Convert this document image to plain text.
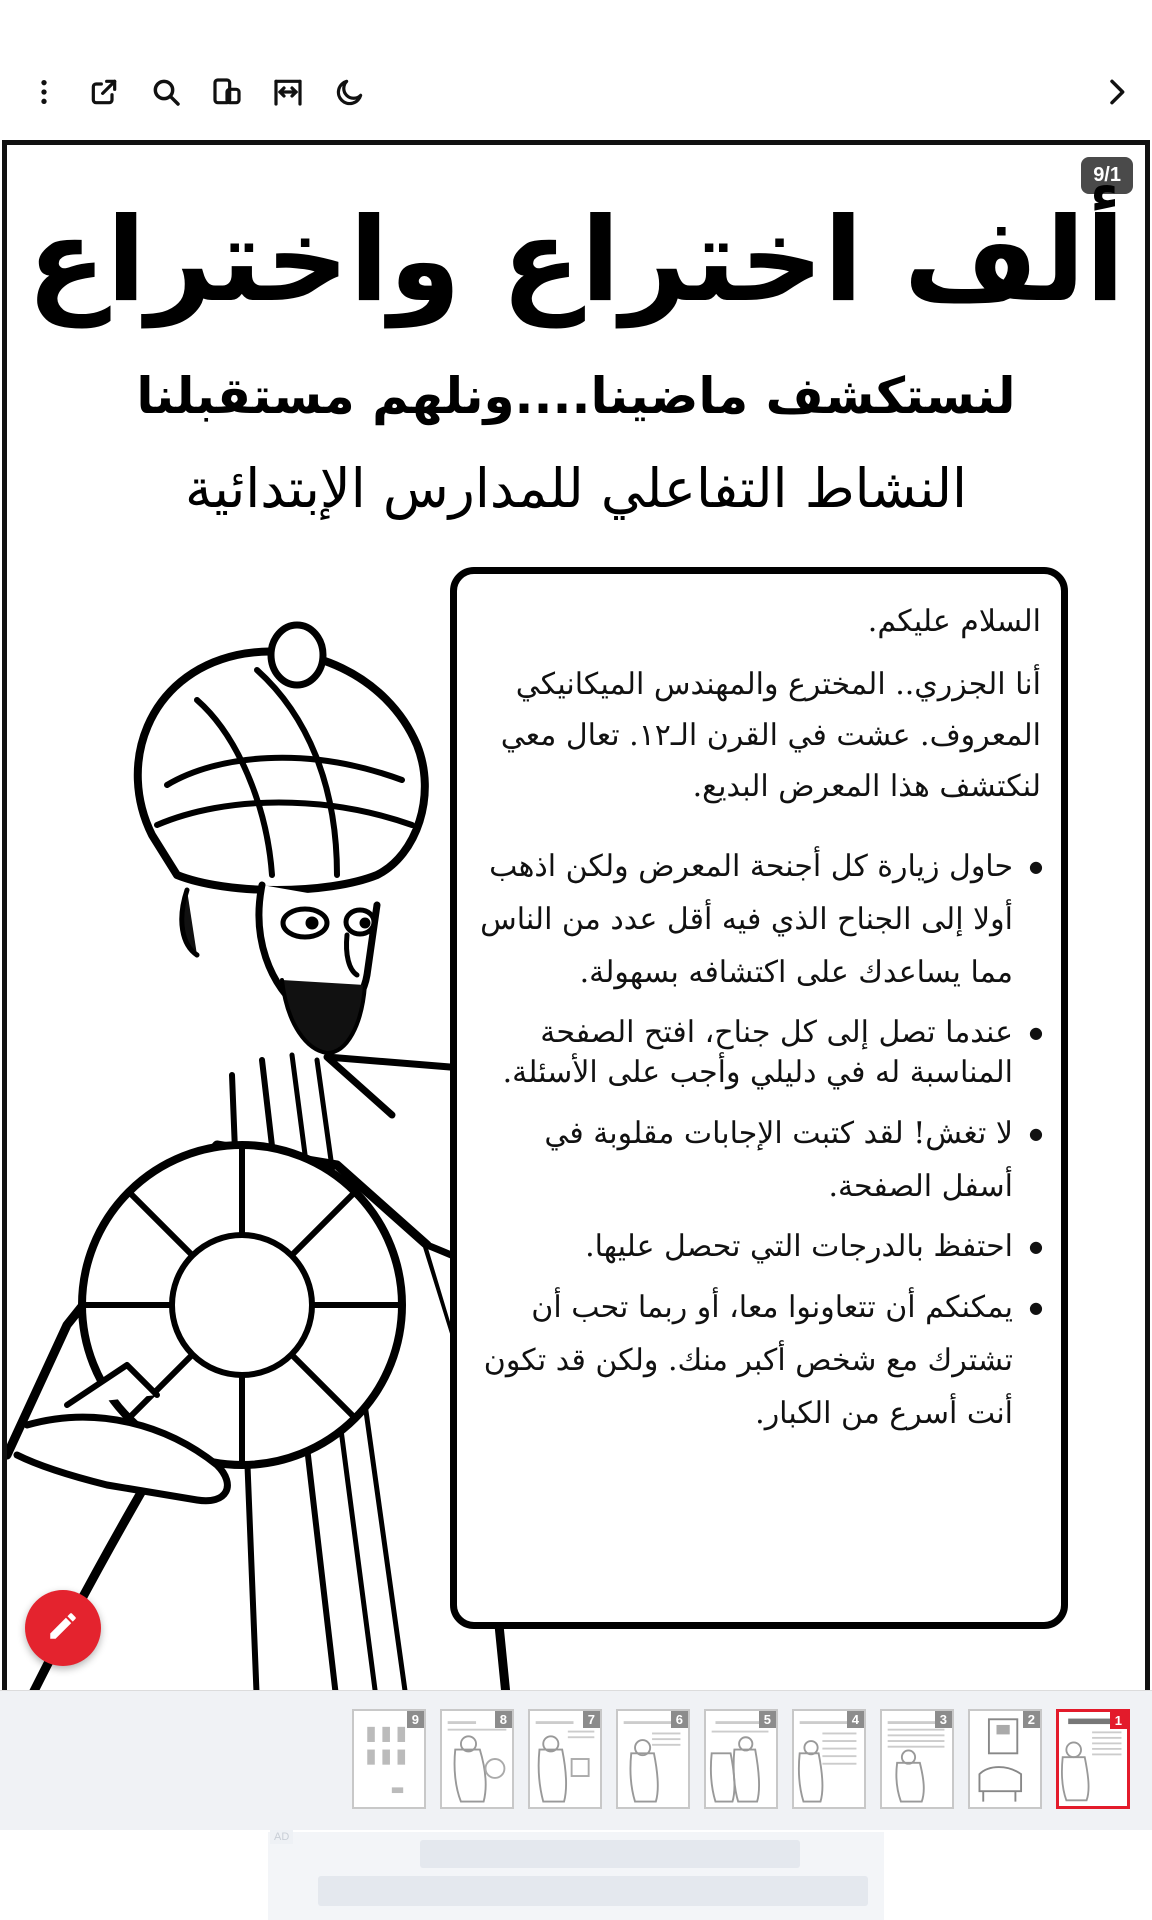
9/1
ألف اختراع واختراع
لنستكشف ماضينا....ونلهم مستقبلنا
النشاط التفاعلي للمدارس الإبتدائية

السلام عليكم.

أنا الجزري.. المخترع والمهندس الميكانيكي المعروف. عشت في القرن الـ١٢. تعال معي لنكتشف هذا المعرض البديع.

● حاول زيارة كل أجنحة المعرض ولكن اذهب أولا إلى الجناح الذي فيه أقل عدد من الناس مما يساعدك على اكتشافه بسهولة.
● عندما تصل إلى كل جناح، افتح الصفحة المناسبة له في دليلي وأجب على الأسئلة.
● لا تغش! لقد كتبت الإجابات مقلوبة في أسفل الصفحة.
● احتفظ بالدرجات التي تحصل عليها.
● يمكنكم أن تتعاونوا معا، أو ربما تحب أن تشترك مع شخص أكبر منك. ولكن قد تكون أنت أسرع من الكبار.
9	8	7	6	5	4	3	2	1
AD
